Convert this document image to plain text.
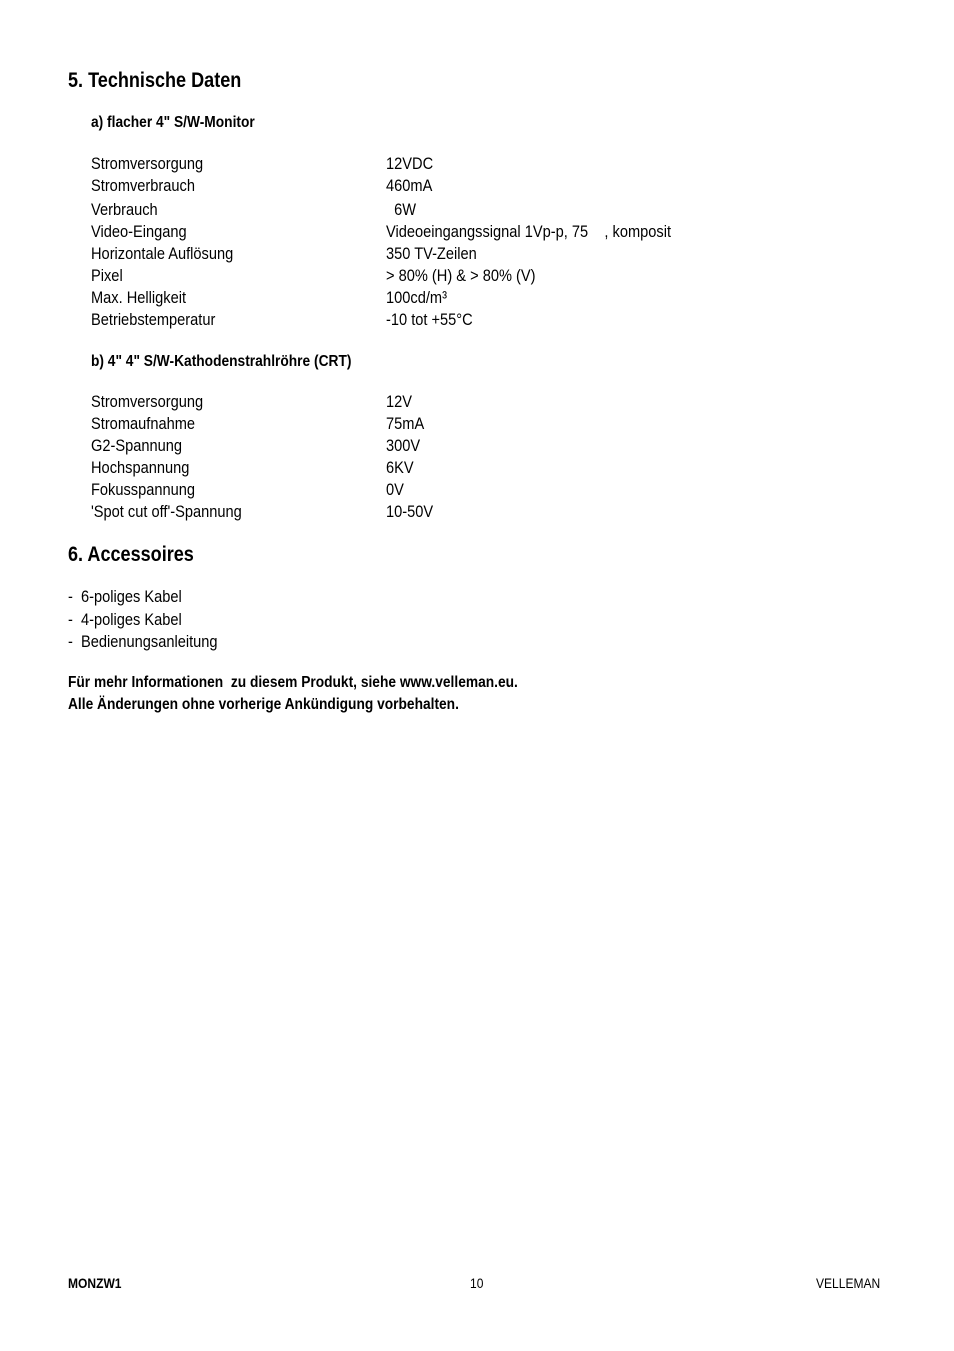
5. Technische Daten
a) flacher 4" S/W-Monitor
Stromversorgung	12VDC
Stromverbrauch	460mA
Verbrauch	6W
Video-Eingang	Videoeingangssignal 1Vp-p, 75    , komposit
Horizontale Auflösung	350 TV-Zeilen
Pixel	> 80% (H) & > 80% (V)
Max. Helligkeit	100cd/m³
Betriebstemperatur	-10 tot +55°C
b) 4" 4" S/W-Kathodenstrahlröhre (CRT)
Stromversorgung	12V
Stromaufnahme	75mA
G2-Spannung	300V
Hochspannung	6KV
Fokusspannung	0V
'Spot cut off'-Spannung	10-50V
6. Accessoires
-  6-poliges Kabel
-  4-poliges Kabel
-  Bedienungsanleitung
Für mehr Informationen  zu diesem Produkt, siehe www.velleman.eu.
Alle Änderungen ohne vorherige Ankündigung vorbehalten.
MONZW1	10	VELLEMAN
